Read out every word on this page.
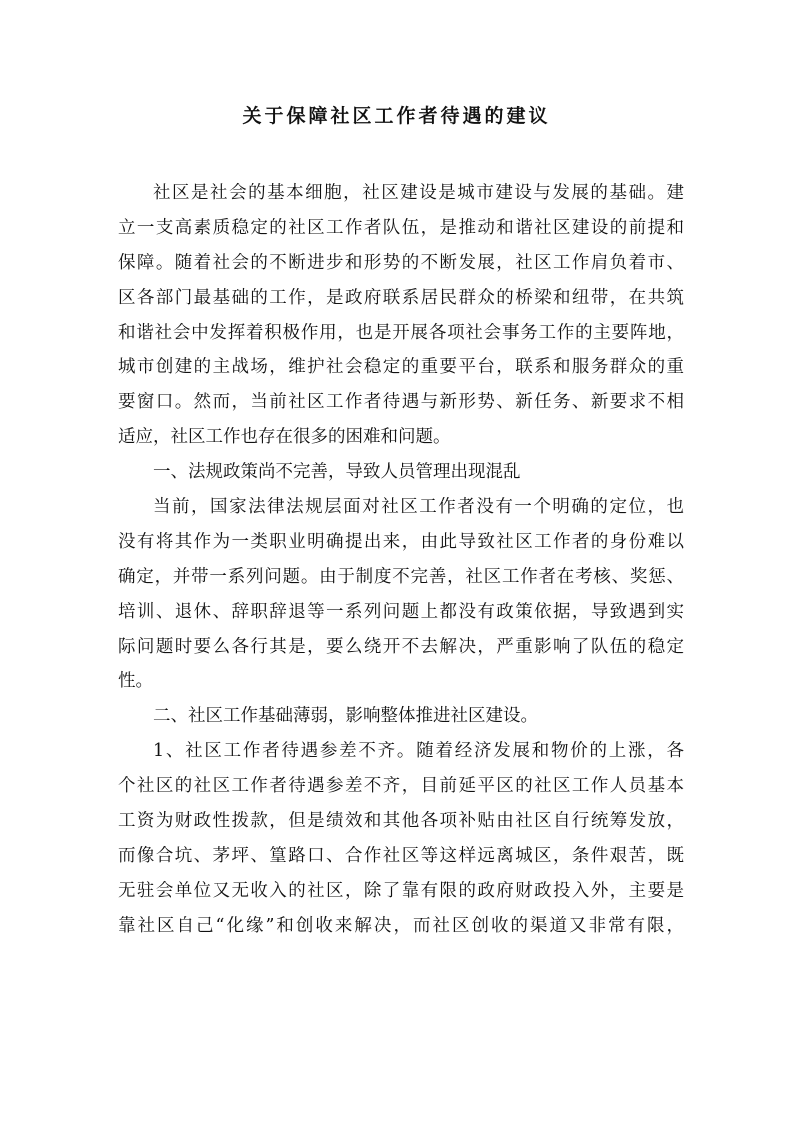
关于保障社区工作者待遇的建议
社区是社会的基本细胞，社区建设是城市建设与发展的基础。建
立一支高素质稳定的社区工作者队伍，是推动和谐社区建设的前提和
保障。随着社会的不断进步和形势的不断发展，社区工作肩负着市、
区各部门最基础的工作，是政府联系居民群众的桥梁和纽带，在共筑
和谐社会中发挥着积极作用，也是开展各项社会事务工作的主要阵地，
城市创建的主战场，维护社会稳定的重要平台，联系和服务群众的重
要窗口。然而，当前社区工作者待遇与新形势、新任务、新要求不相
适应，社区工作也存在很多的困难和问题。
一、法规政策尚不完善，导致人员管理出现混乱
当前，国家法律法规层面对社区工作者没有一个明确的定位，也
没有将其作为一类职业明确提出来，由此导致社区工作者的身份难以
确定，并带一系列问题。由于制度不完善，社区工作者在考核、奖惩、
培训、退休、辞职辞退等一系列问题上都没有政策依据，导致遇到实
际问题时要么各行其是，要么绕开不去解决，严重影响了队伍的稳定
性。
二、社区工作基础薄弱，影响整体推进社区建设。
1、社区工作者待遇参差不齐。随着经济发展和物价的上涨，各
个社区的社区工作者待遇参差不齐，目前延平区的社区工作人员基本
工资为财政性拨款，但是绩效和其他各项补贴由社区自行统筹发放，
而像合坑、茅坪、篁路口、合作社区等这样远离城区，条件艰苦，既
无驻会单位又无收入的社区，除了靠有限的政府财政投入外，主要是
靠社区自己“化缘”和创收来解决，而社区创收的渠道又非常有限，
